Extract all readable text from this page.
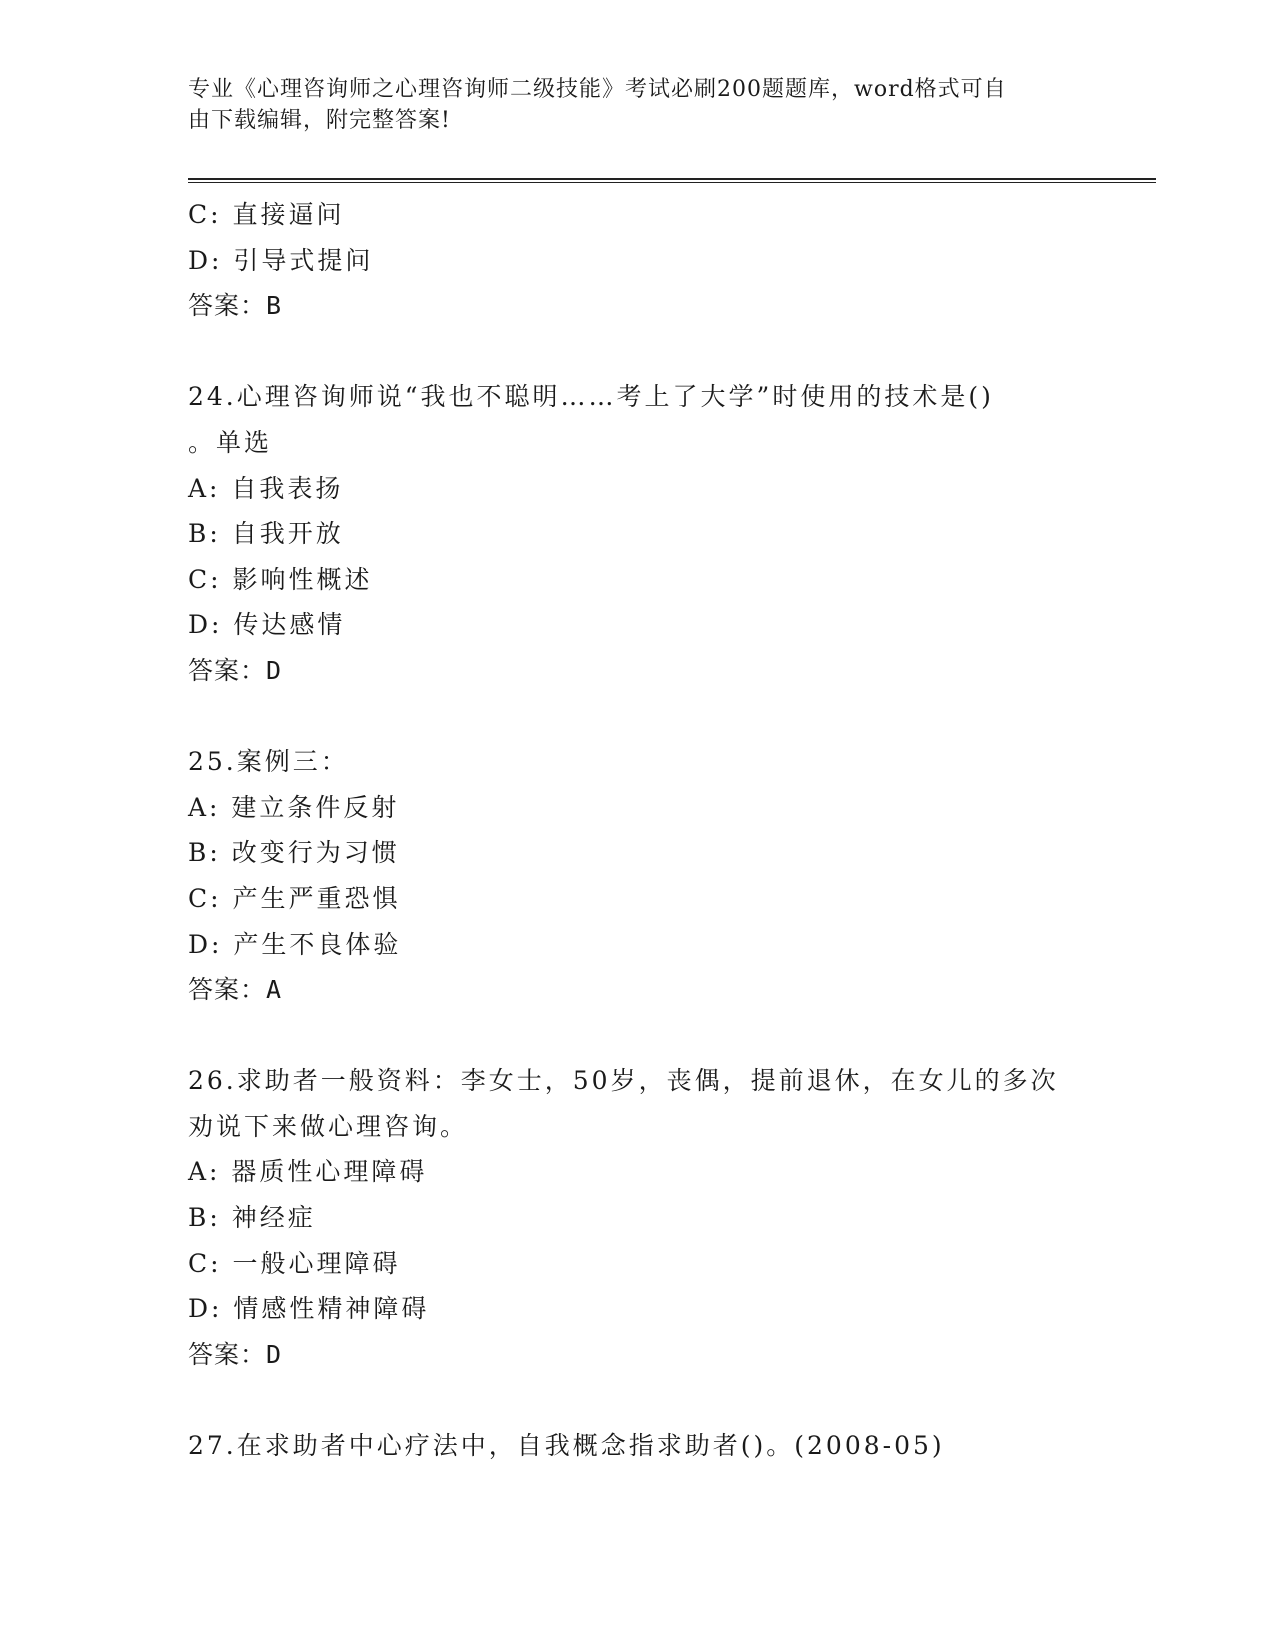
专业《心理咨询师之心理咨询师二级技能》考试必刷200题题库，word格式可自
由下载编辑，附完整答案!

C: 直接逼问

D: 引导式提问

答案：B

24.心理咨询师说“我也不聪明……考上了大学”时使用的技术是()

。单选

A: 自我表扬

B: 自我开放

C: 影响性概述

D: 传达感情

答案：D

25.案例三：

A: 建立条件反射

B: 改变行为习惯

C: 产生严重恐惧

D: 产生不良体验

答案：A

26.求助者一般资料：李女士，50岁，丧偶，提前退休，在女儿的多次

劝说下来做心理咨询。

A: 器质性心理障碍

B: 神经症

C: 一般心理障碍

D: 情感性精神障碍

答案：D

27.在求助者中心疗法中，自我概念指求助者()。(2008-05)
